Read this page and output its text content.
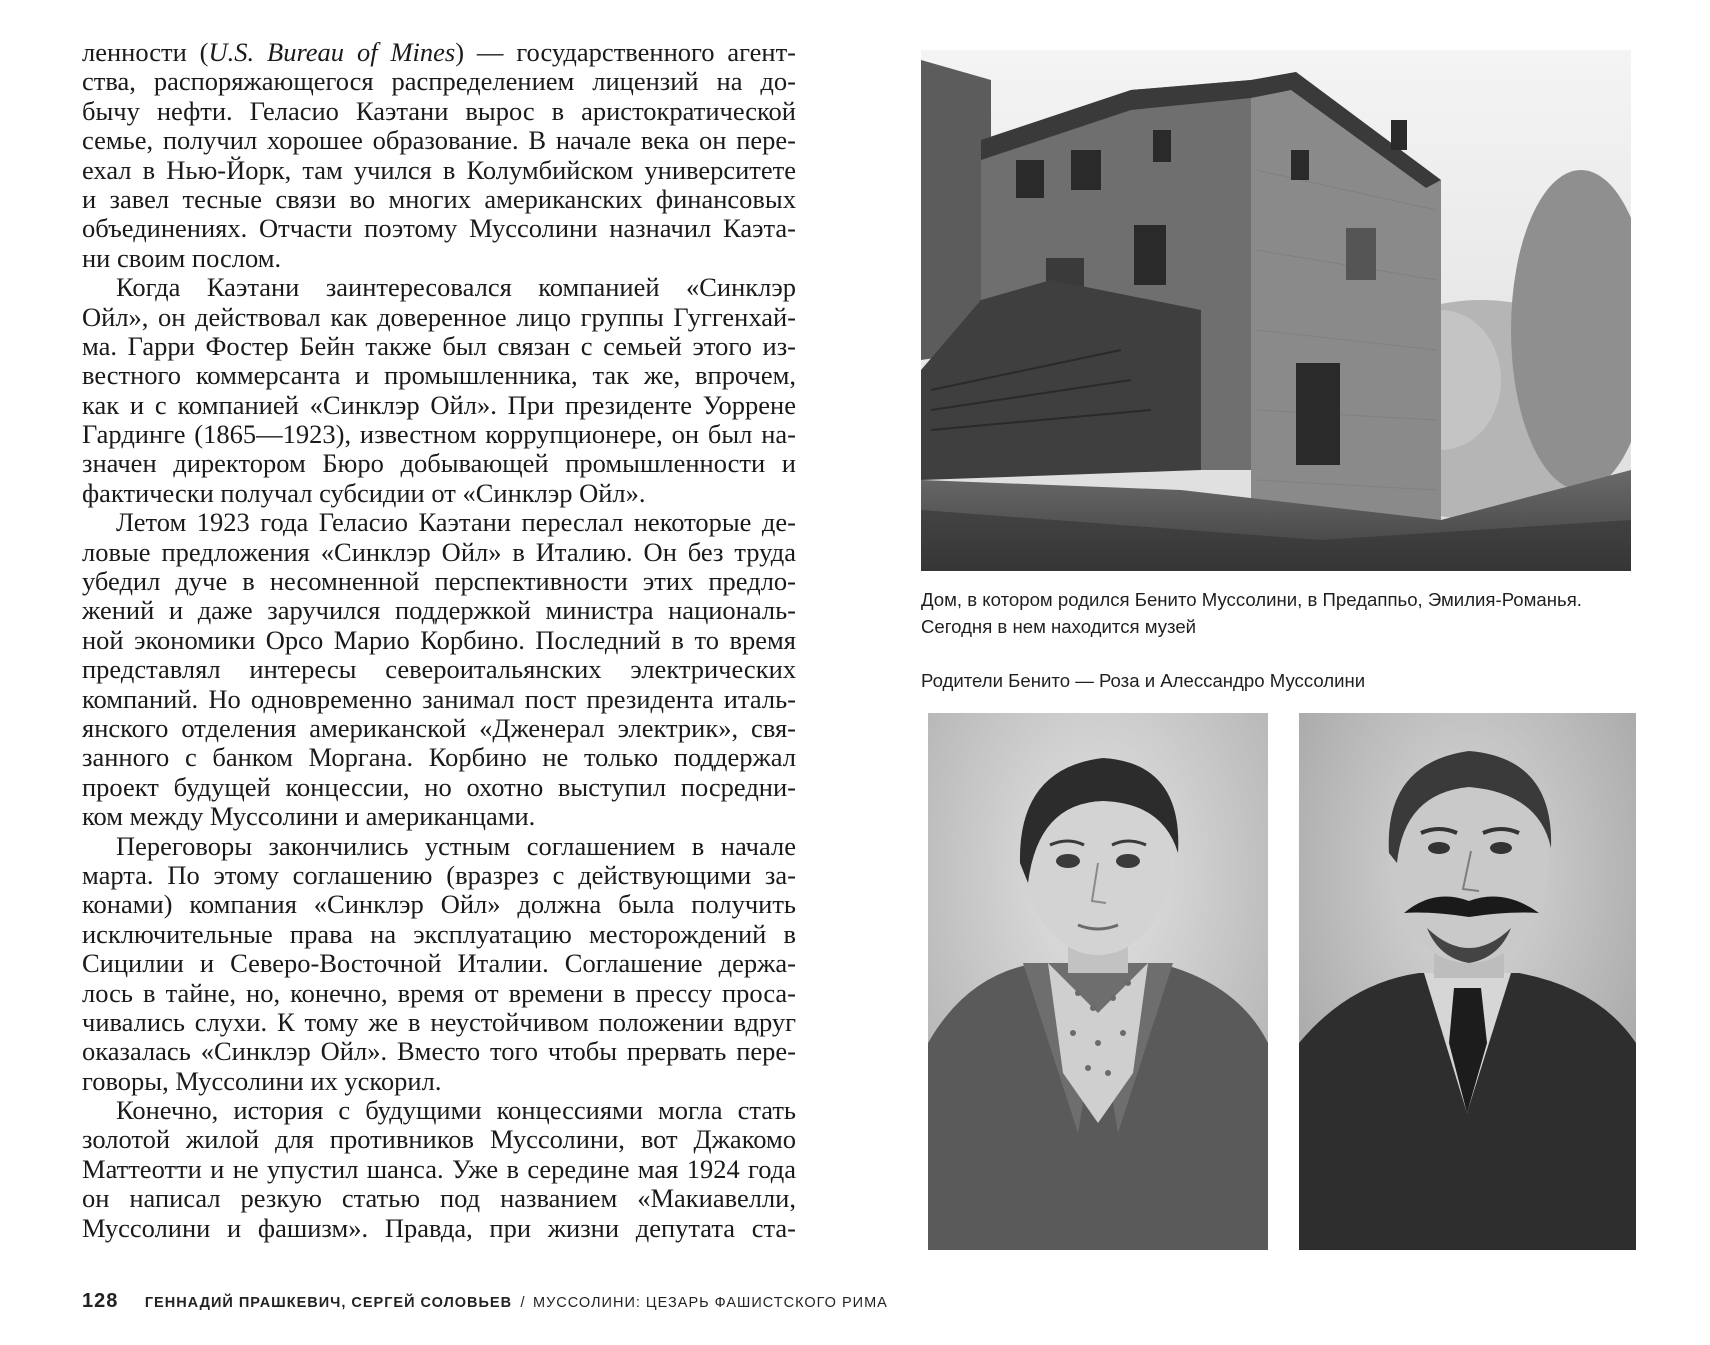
ленности (U.S. Bureau of Mines) — государственного агент-
ства, распоряжающегося распределением лицензий на до-
бычу нефти. Геласио Каэтани вырос в аристократической
семье, получил хорошее образование. В начале века он пере-
ехал в Нью-Йорк, там учился в Колумбийском университете
и завел тесные связи во многих американских финансовых
объединениях. Отчасти поэтому Муссолини назначил Каэта-
ни своим послом.
Когда Каэтани заинтересовался компанией «Синклэр
Ойл», он действовал как доверенное лицо группы Гуггенхай-
ма. Гарри Фостер Бейн также был связан с семьей этого из-
вестного коммерсанта и промышленника, так же, впрочем,
как и с компанией «Синклэр Ойл». При президенте Уоррене
Гардинге (1865—1923), известном коррупционере, он был на-
значен директором Бюро добывающей промышленности и
фактически получал субсидии от «Синклэр Ойл».
Летом 1923 года Геласио Каэтани переслал некоторые де-
ловые предложения «Синклэр Ойл» в Италию. Он без труда
убедил дуче в несомненной перспективности этих предло-
жений и даже заручился поддержкой министра националь-
ной экономики Орсо Марио Корбино. Последний в то время
представлял интересы североитальянских электрических
компаний. Но одновременно занимал пост президента италь-
янского отделения американской «Дженерал электрик», свя-
занного с банком Моргана. Корбино не только поддержал
проект будущей концессии, но охотно выступил посредни-
ком между Муссолини и американцами.
Переговоры закончились устным соглашением в начале
марта. По этому соглашению (вразрез с действующими за-
конами) компания «Синклэр Ойл» должна была получить
исключительные права на эксплуатацию месторождений в
Сицилии и Северо-Восточной Италии. Соглашение держа-
лось в тайне, но, конечно, время от времени в прессу проса-
чивались слухи. К тому же в неустойчивом положении вдруг
оказалась «Синклэр Ойл». Вместо того чтобы прервать пере-
говоры, Муссолини их ускорил.
Конечно, история с будущими концессиями могла стать
золотой жилой для противников Муссолини, вот Джакомо
Маттеотти и не упустил шанса. Уже в середине мая 1924 года
он написал резкую статью под названием «Макиавелли,
Муссолини и фашизм». Правда, при жизни депутата ста-
128 ГЕННАДИЙ ПРАШКЕВИЧ, СЕРГЕЙ СОЛОВЬЕВ / МУССОЛИНИ: ЦЕЗАРЬ ФАШИСТСКОГО РИМА
Дом, в котором родился Бенито Муссолини, в Предаппьо, Эмилия-Романья.
Сегодня в нем находится музей
Родители Бенито — Роза и Алессандро Муссолини
